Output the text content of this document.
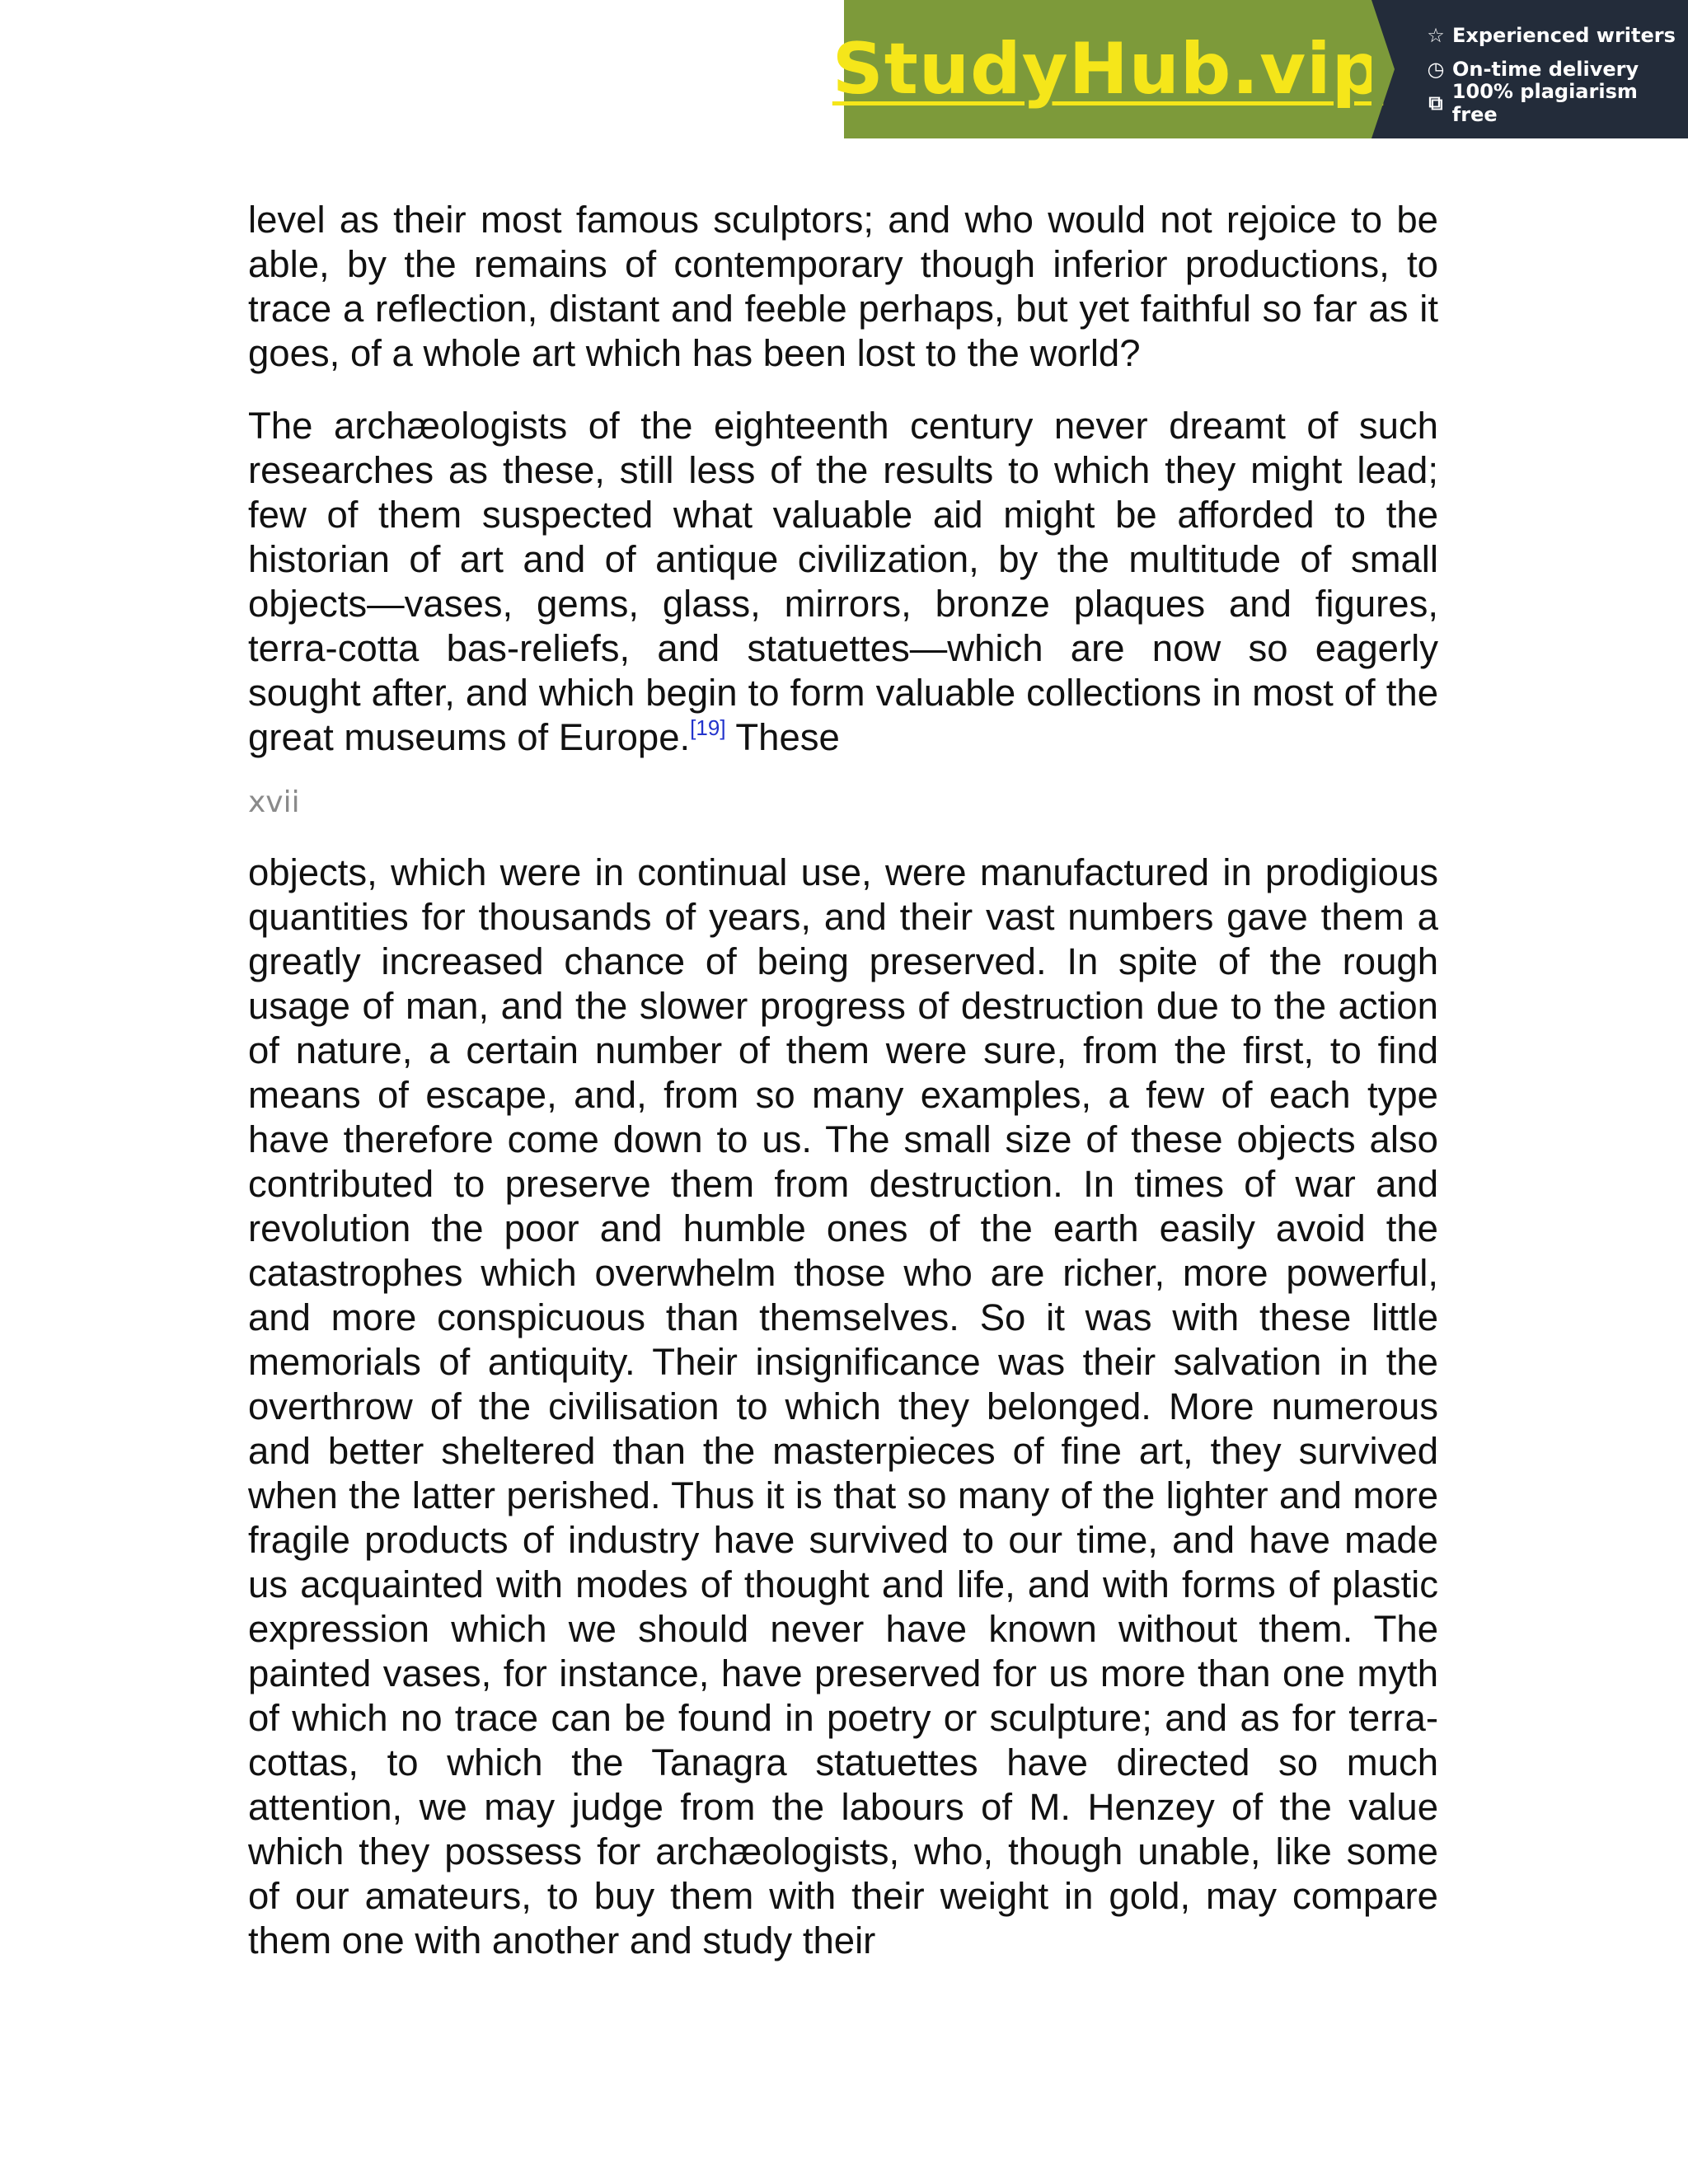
StudyHub.vip ☆ Experienced writers
◷ On-time delivery
⧉ 100% plagiarism free

level as their most famous sculptors; and who would not rejoice to be able, by the remains of contemporary though inferior productions, to trace a reflection, distant and feeble perhaps, but yet faithful so far as it goes, of a whole art which has been lost to the world?

The archæologists of the eighteenth century never dreamt of such researches as these, still less of the results to which they might lead; few of them suspected what valuable aid might be afforded to the historian of art and of antique civilization, by the multitude of small objects—vases, gems, glass, mirrors, bronze plaques and figures, terra-cotta bas-reliefs, and statuettes—which are now so eagerly sought after, and which begin to form valuable collections in most of the great museums of Europe.[19] These

xvii

objects, which were in continual use, were manufactured in prodigious quantities for thousands of years, and their vast numbers gave them a greatly increased chance of being preserved. In spite of the rough usage of man, and the slower progress of destruction due to the action of nature, a certain number of them were sure, from the first, to find means of escape, and, from so many examples, a few of each type have therefore come down to us. The small size of these objects also contributed to preserve them from destruction. In times of war and revolution the poor and humble ones of the earth easily avoid the catastrophes which overwhelm those who are richer, more powerful, and more conspicuous than themselves. So it was with these little memorials of antiquity. Their insignificance was their salvation in the overthrow of the civilisation to which they belonged. More numerous and better sheltered than the masterpieces of fine art, they survived when the latter perished. Thus it is that so many of the lighter and more fragile products of industry have survived to our time, and have made us acquainted with modes of thought and life, and with forms of plastic expression which we should never have known without them. The painted vases, for instance, have preserved for us more than one myth of which no trace can be found in poetry or sculpture; and as for terra-cottas, to which the Tanagra statuettes have directed so much attention, we may judge from the labours of M. Henzey of the value which they possess for archæologists, who, though unable, like some of our amateurs, to buy them with their weight in gold, may compare them one with another and study their
